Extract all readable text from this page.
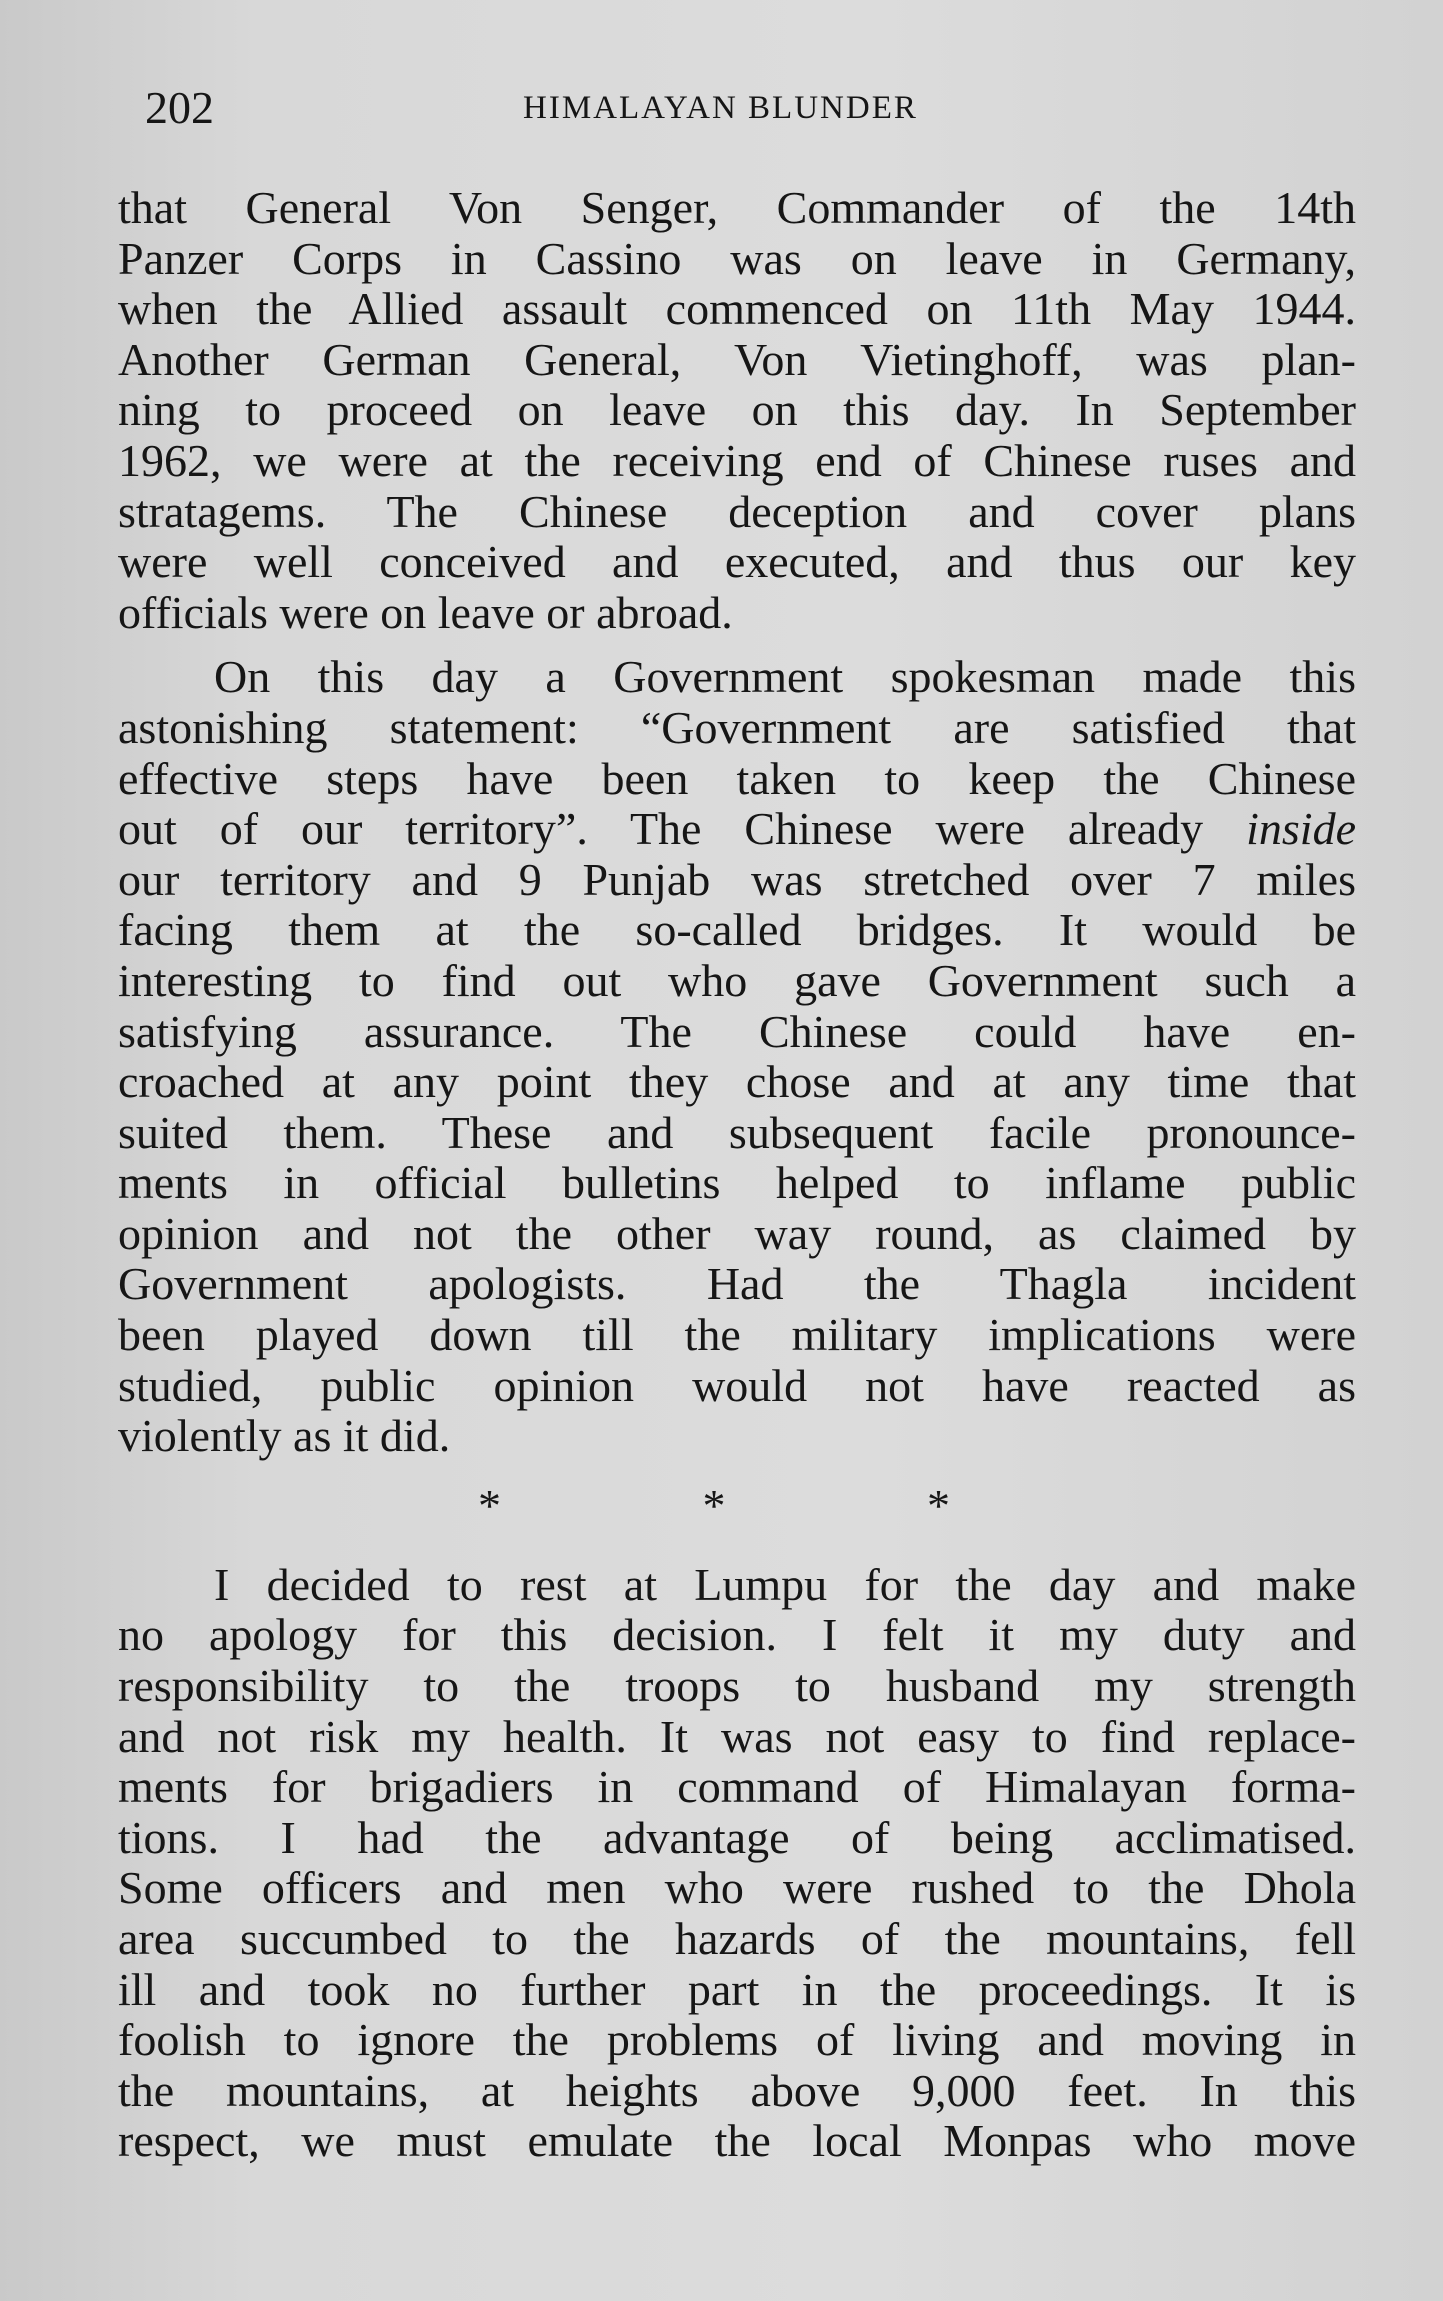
202	HIMALAYAN BLUNDER
that General Von Senger, Commander of the 14th
Panzer Corps in Cassino was on leave in Germany,
when the Allied assault commenced on 11th May 1944.
Another German General, Von Vietinghoff, was plan-
ning to proceed on leave on this day. In September
1962, we were at the receiving end of Chinese ruses and
stratagems. The Chinese deception and cover plans
were well conceived and executed, and thus our key
officials were on leave or abroad.
On this day a Government spokesman made this
astonishing statement: “Government are satisfied that
effective steps have been taken to keep the Chinese
out of our territory”. The Chinese were already inside
our territory and 9 Punjab was stretched over 7 miles
facing them at the so-called bridges. It would be
interesting to find out who gave Government such a
satisfying assurance. The Chinese could have en-
croached at any point they chose and at any time that
suited them. These and subsequent facile pronounce-
ments in official bulletins helped to inflame public
opinion and not the other way round, as claimed by
Government apologists. Had the Thagla incident
been played down till the military implications were
studied, public opinion would not have reacted as
violently as it did.
*	*	*
I decided to rest at Lumpu for the day and make
no apology for this decision. I felt it my duty and
responsibility to the troops to husband my strength
and not risk my health. It was not easy to find replace-
ments for brigadiers in command of Himalayan forma-
tions. I had the advantage of being acclimatised.
Some officers and men who were rushed to the Dhola
area succumbed to the hazards of the mountains, fell
ill and took no further part in the proceedings. It is
foolish to ignore the problems of living and moving in
the mountains, at heights above 9,000 feet. In this
respect, we must emulate the local Monpas who move
